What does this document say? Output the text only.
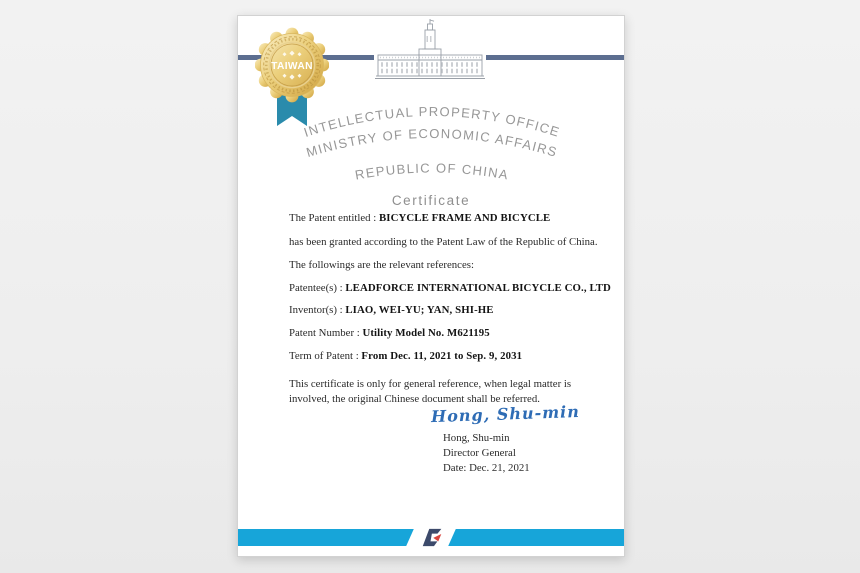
TAIWAN
INTELLECTUAL PROPERTY OFFICE
MINISTRY OF ECONOMIC AFFAIRS
REPUBLIC OF CHINA
Certificate
The Patent entitled : BICYCLE FRAME AND BICYCLE
has been granted according to the Patent Law of the Republic of China.
The followings are the relevant references:
Patentee(s) : LEADFORCE INTERNATIONAL BICYCLE CO., LTD
Inventor(s) : LIAO, WEI-YU; YAN, SHI-HE
Patent Number : Utility Model No. M621195
Term of Patent : From Dec. 11, 2021 to Sep. 9, 2031
This certificate is only for general reference, when legal matter is involved, the original Chinese document shall be referred.
Hong, Shu-min
Hong, Shu-min
Director General
Date: Dec. 21, 2021
